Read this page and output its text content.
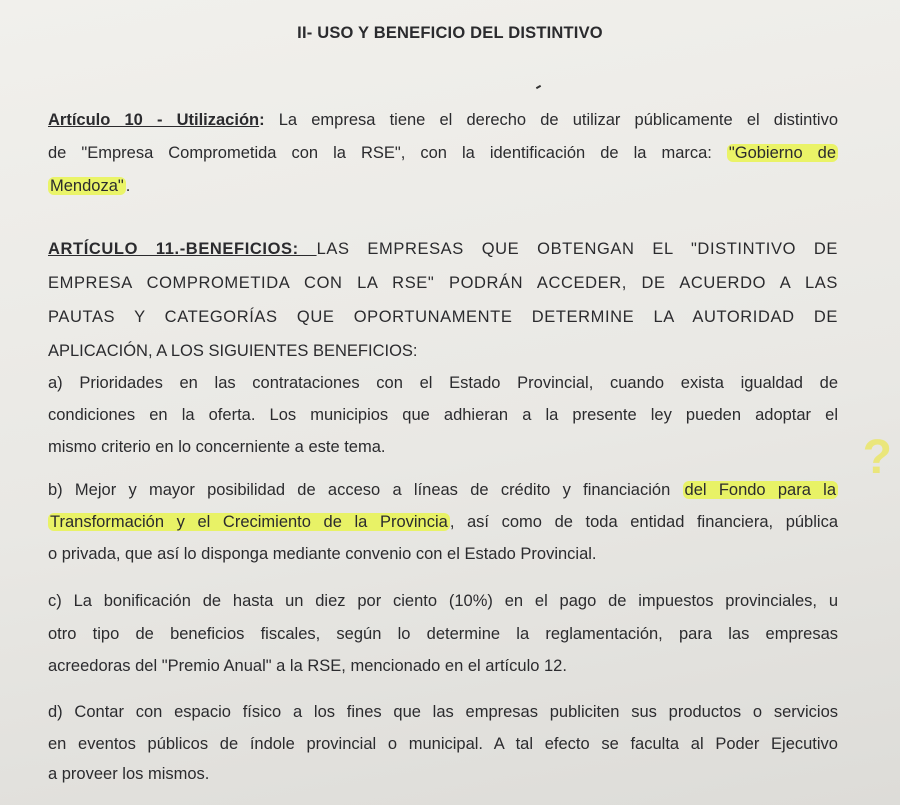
II- USO Y BENEFICIO DEL DISTINTIVO
Artículo 10 - Utilización: La empresa tiene el derecho de utilizar públicamente el distintivo
de "Empresa Comprometida con la RSE", con la identificación de la marca: "Gobierno de
Mendoza" .
ARTÍCULO 11.-BENEFICIOS: LAS EMPRESAS QUE OBTENGAN EL "DISTINTIVO DE
EMPRESA COMPROMETIDA CON LA RSE" PODRÁN ACCEDER, DE ACUERDO A LAS
PAUTAS Y CATEGORÍAS QUE OPORTUNAMENTE DETERMINE LA AUTORIDAD DE
APLICACIÓN, A LOS SIGUIENTES BENEFICIOS:
a) Prioridades en las contrataciones con el Estado Provincial, cuando exista igualdad de
condiciones en la oferta. Los municipios que adhieran a la presente ley pueden adoptar el
mismo criterio en lo concerniente a este tema.
b) Mejor y mayor posibilidad de acceso a líneas de crédito y financiación del Fondo para la
Transformación y el Crecimiento de la Provincia , así como de toda entidad financiera, pública
o privada, que así lo disponga mediante convenio con el Estado Provincial.
c) La bonificación de hasta un diez por ciento (10%) en el pago de impuestos provinciales, u
otro tipo de beneficios fiscales, según lo determine la reglamentación, para las empresas
acreedoras del "Premio Anual" a la RSE, mencionado en el artículo 12.
d) Contar con espacio físico a los fines que las empresas publiciten sus productos o servicios
en eventos públicos de índole provincial o municipal. A tal efecto se faculta al Poder Ejecutivo
a proveer los mismos.
?
